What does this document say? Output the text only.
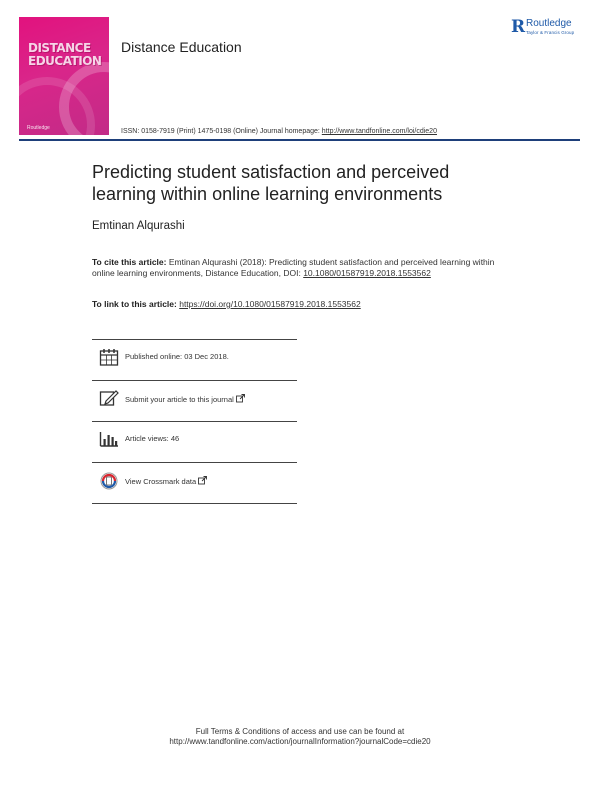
DISTANCE
EDUCATION
Routledge
Distance Education
R Routledge
Taylor & Francis Group
ISSN: 0158-7919 (Print) 1475-0198 (Online) Journal homepage: http://www.tandfonline.com/loi/cdie20
Predicting student satisfaction and perceived learning within online learning environments
Emtinan Alqurashi
To cite this article: Emtinan Alqurashi (2018): Predicting student satisfaction and perceived learning within online learning environments, Distance Education, DOI: 10.1080/01587919.2018.1553562
To link to this article: https://doi.org/10.1080/01587919.2018.1553562
Published online: 03 Dec 2018.
Submit your article to this journal
Article views: 46
View Crossmark data
Full Terms & Conditions of access and use can be found at
http://www.tandfonline.com/action/journalInformation?journalCode=cdie20
